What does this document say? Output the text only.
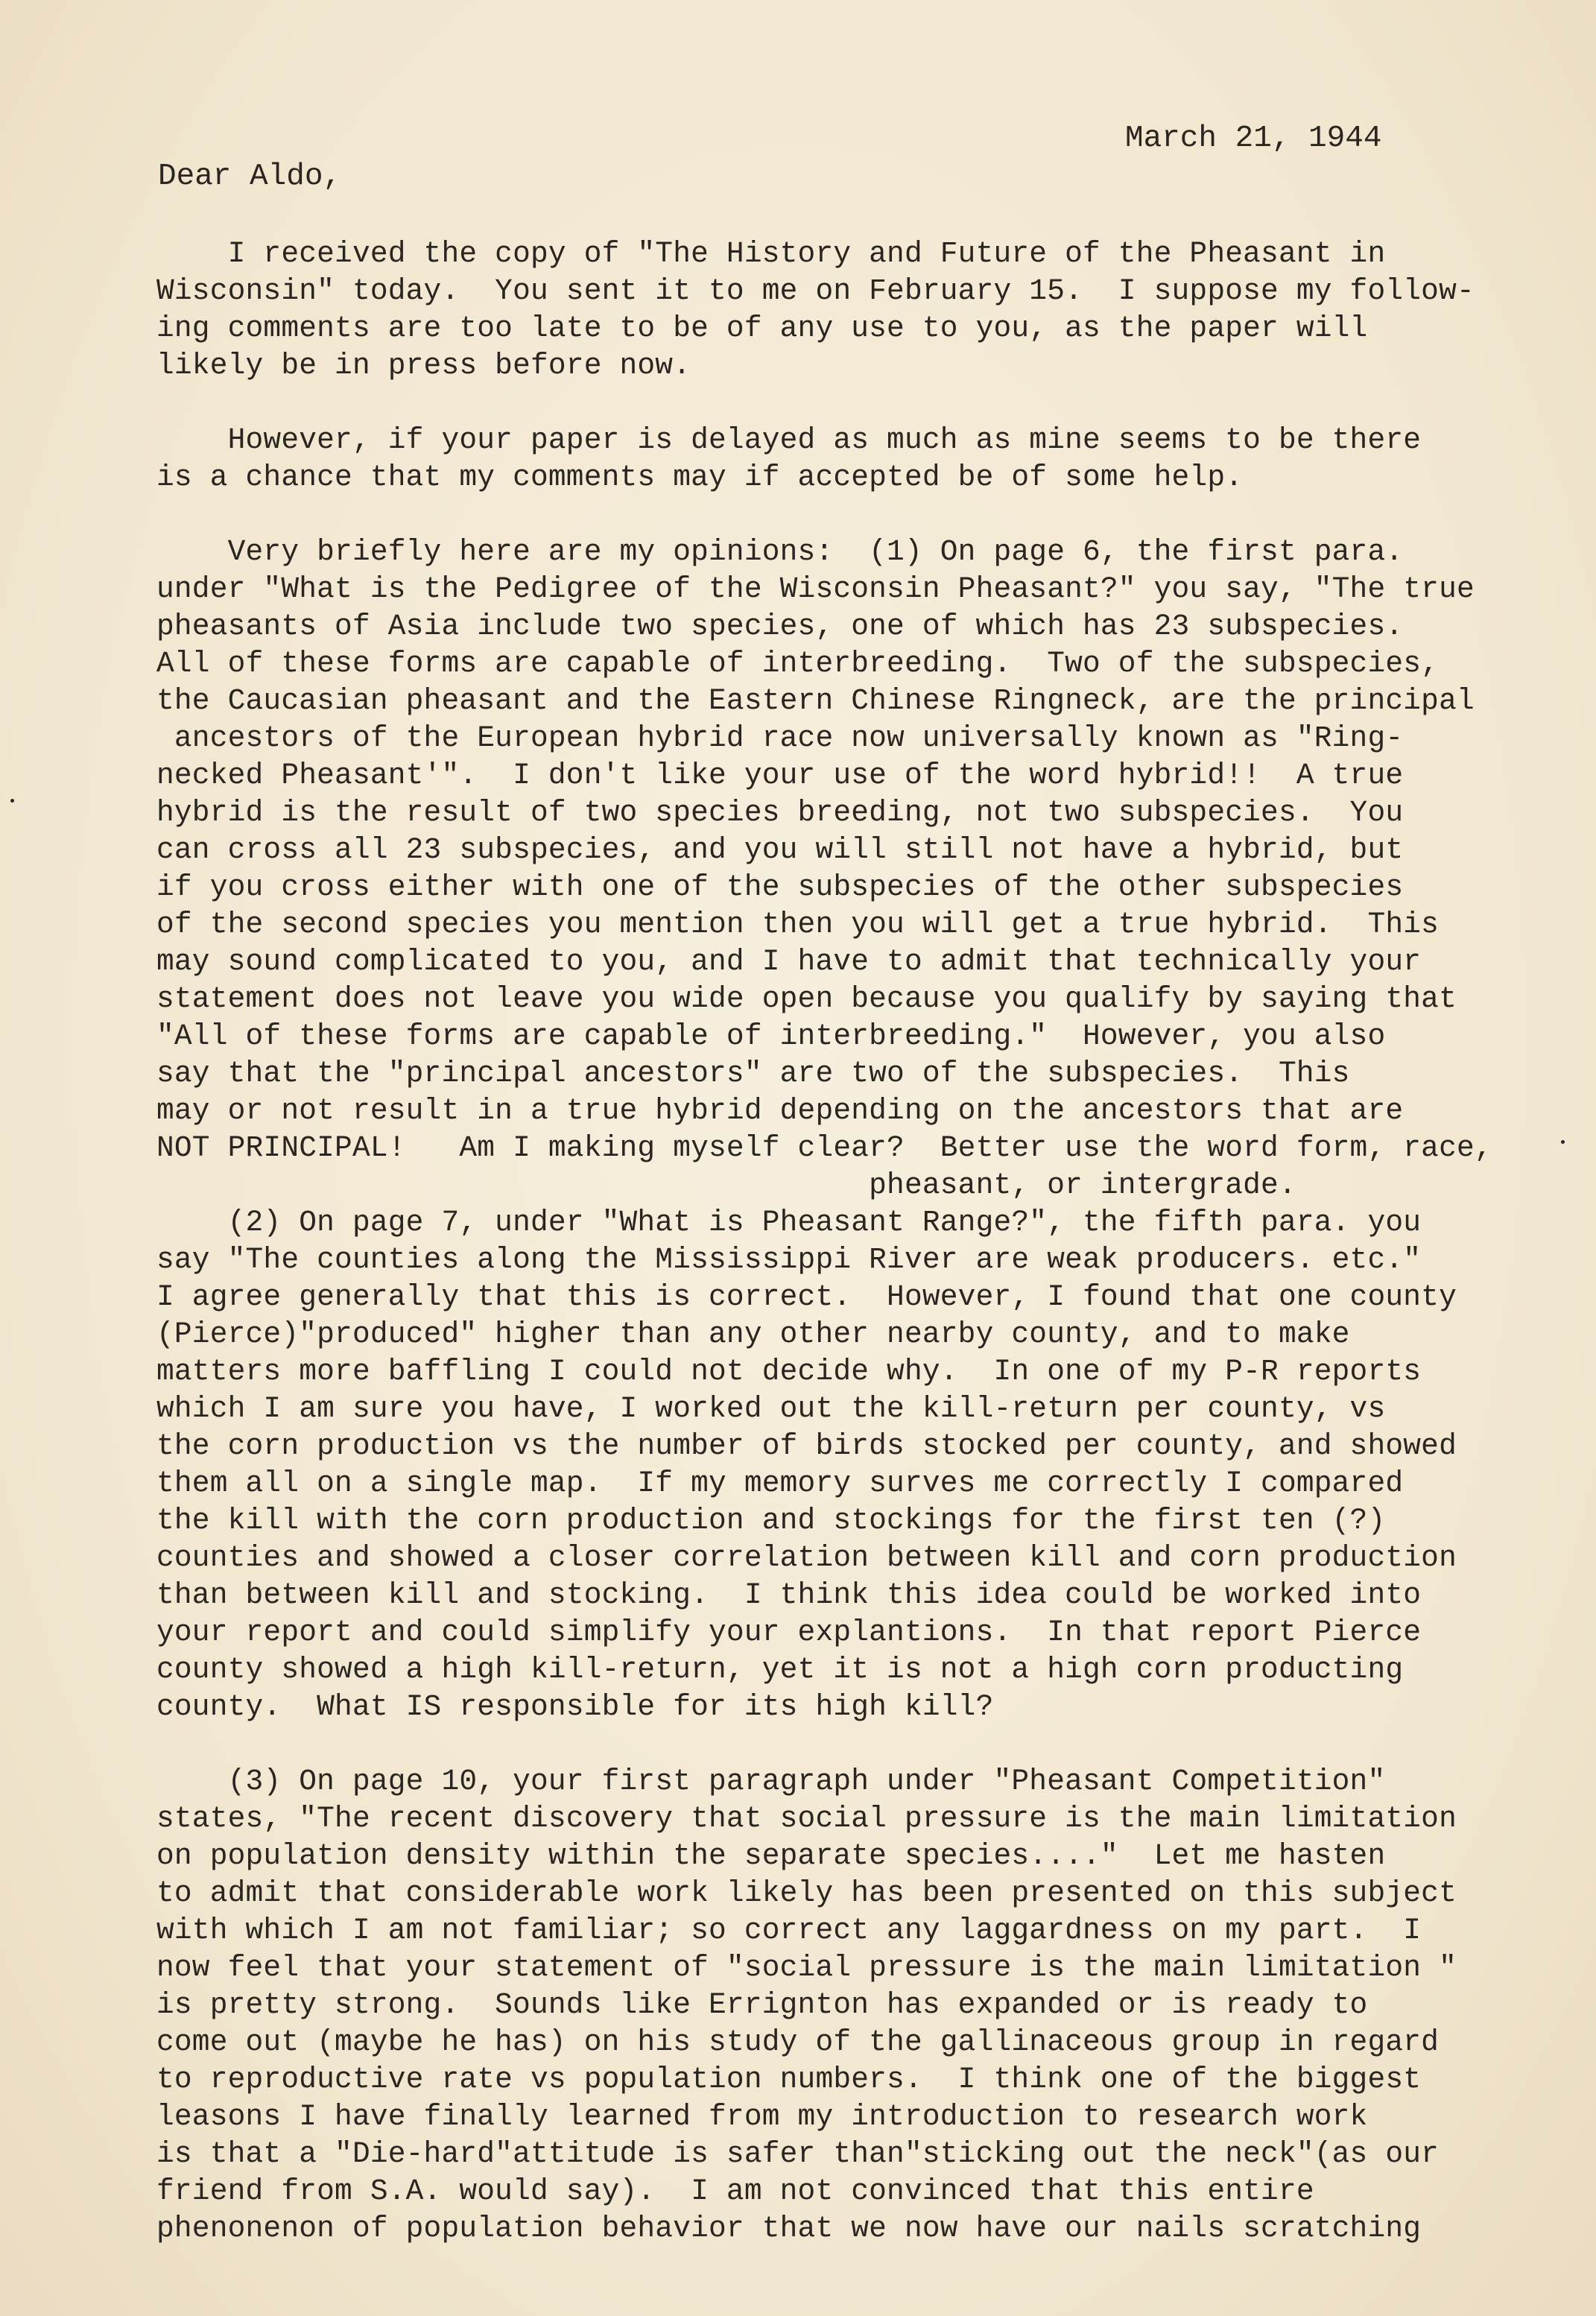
March 21, 1944
Dear Aldo,
I received the copy of "The History and Future of the Pheasant in
Wisconsin" today.  You sent it to me on February 15.  I suppose my follow-
ing comments are too late to be of any use to you, as the paper will
likely be in press before now.
However, if your paper is delayed as much as mine seems to be there
is a chance that my comments may if accepted be of some help.
Very briefly here are my opinions:  (1) On page 6, the first para.
under "What is the Pedigree of the Wisconsin Pheasant?" you say, "The true
pheasants of Asia include two species, one of which has 23 subspecies.
All of these forms are capable of interbreeding.  Two of the subspecies,
the Caucasian pheasant and the Eastern Chinese Ringneck, are the principal
ancestors of the European hybrid race now universally known as "Ring-
necked Pheasant'".  I don't like your use of the word hybrid!!  A true
hybrid is the result of two species breeding, not two subspecies.  You
can cross all 23 subspecies, and you will still not have a hybrid, but
if you cross either with one of the subspecies of the other subspecies
of the second species you mention then you will get a true hybrid.  This
may sound complicated to you, and I have to admit that technically your
statement does not leave you wide open because you qualify by saying that
"All of these forms are capable of interbreeding."  However, you also
say that the "principal ancestors" are two of the subspecies.  This
may or not result in a true hybrid depending on the ancestors that are
NOT PRINCIPAL!   Am I making myself clear?  Better use the word form, race,
pheasant, or intergrade.
(2) On page 7, under "What is Pheasant Range?", the fifth para. you
say "The counties along the Mississippi River are weak producers. etc."
I agree generally that this is correct.  However, I found that one county
(Pierce)"produced" higher than any other nearby county, and to make
matters more baffling I could not decide why.  In one of my P-R reports
which I am sure you have, I worked out the kill-return per county, vs
the corn production vs the number of birds stocked per county, and showed
them all on a single map.  If my memory surves me correctly I compared
the kill with the corn production and stockings for the first ten (?)
counties and showed a closer correlation between kill and corn production
than between kill and stocking.  I think this idea could be worked into
your report and could simplify your explantions.  In that report Pierce
county showed a high kill-return, yet it is not a high corn producting
county.  What IS responsible for its high kill?
(3) On page 10, your first paragraph under "Pheasant Competition"
states, "The recent discovery that social pressure is the main limitation
on population density within the separate species...."  Let me hasten
to admit that considerable work likely has been presented on this subject
with which I am not familiar; so correct any laggardness on my part.  I
now feel that your statement of "social pressure is the main limitation "
is pretty strong.  Sounds like Errignton has expanded or is ready to
come out (maybe he has) on his study of the gallinaceous group in regard
to reproductive rate vs population numbers.  I think one of the biggest
leasons I have finally learned from my introduction to research work
is that a "Die-hard"attitude is safer than"sticking out the neck"(as our
friend from S.A. would say).  I am not convinced that this entire
phenonenon of population behavior that we now have our nails scratching
